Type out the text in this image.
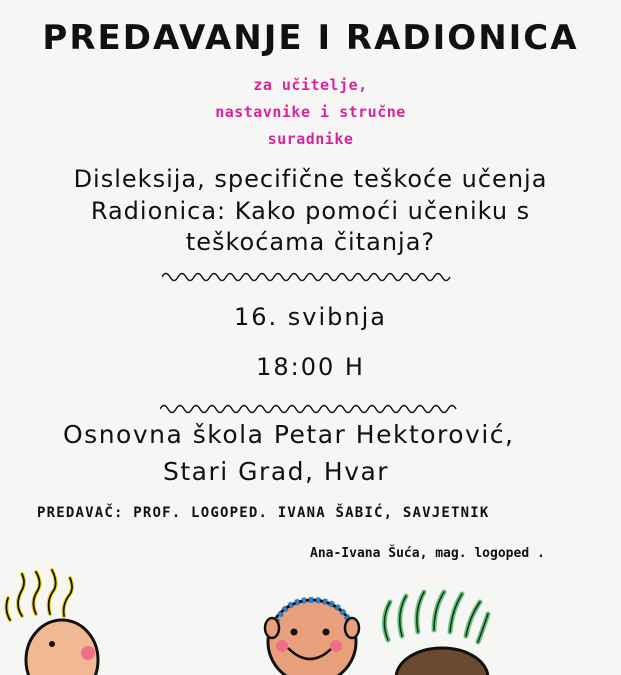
PREDAVANJE I RADIONICA
za učitelje,
nastavnike i stručne
suradnike
Disleksija, specifične teškoće učenja
Radionica: Kako pomoći učeniku s
teškoćama čitanja?
16. svibnja
18:00 H
Osnovna škola Petar Hektorović,
Stari Grad, Hvar
PREDAVAČ: PROF. LOGOPED. IVANA ŠABIĆ, SAVJETNIK
Ana-Ivana Šuća, mag. logoped .
